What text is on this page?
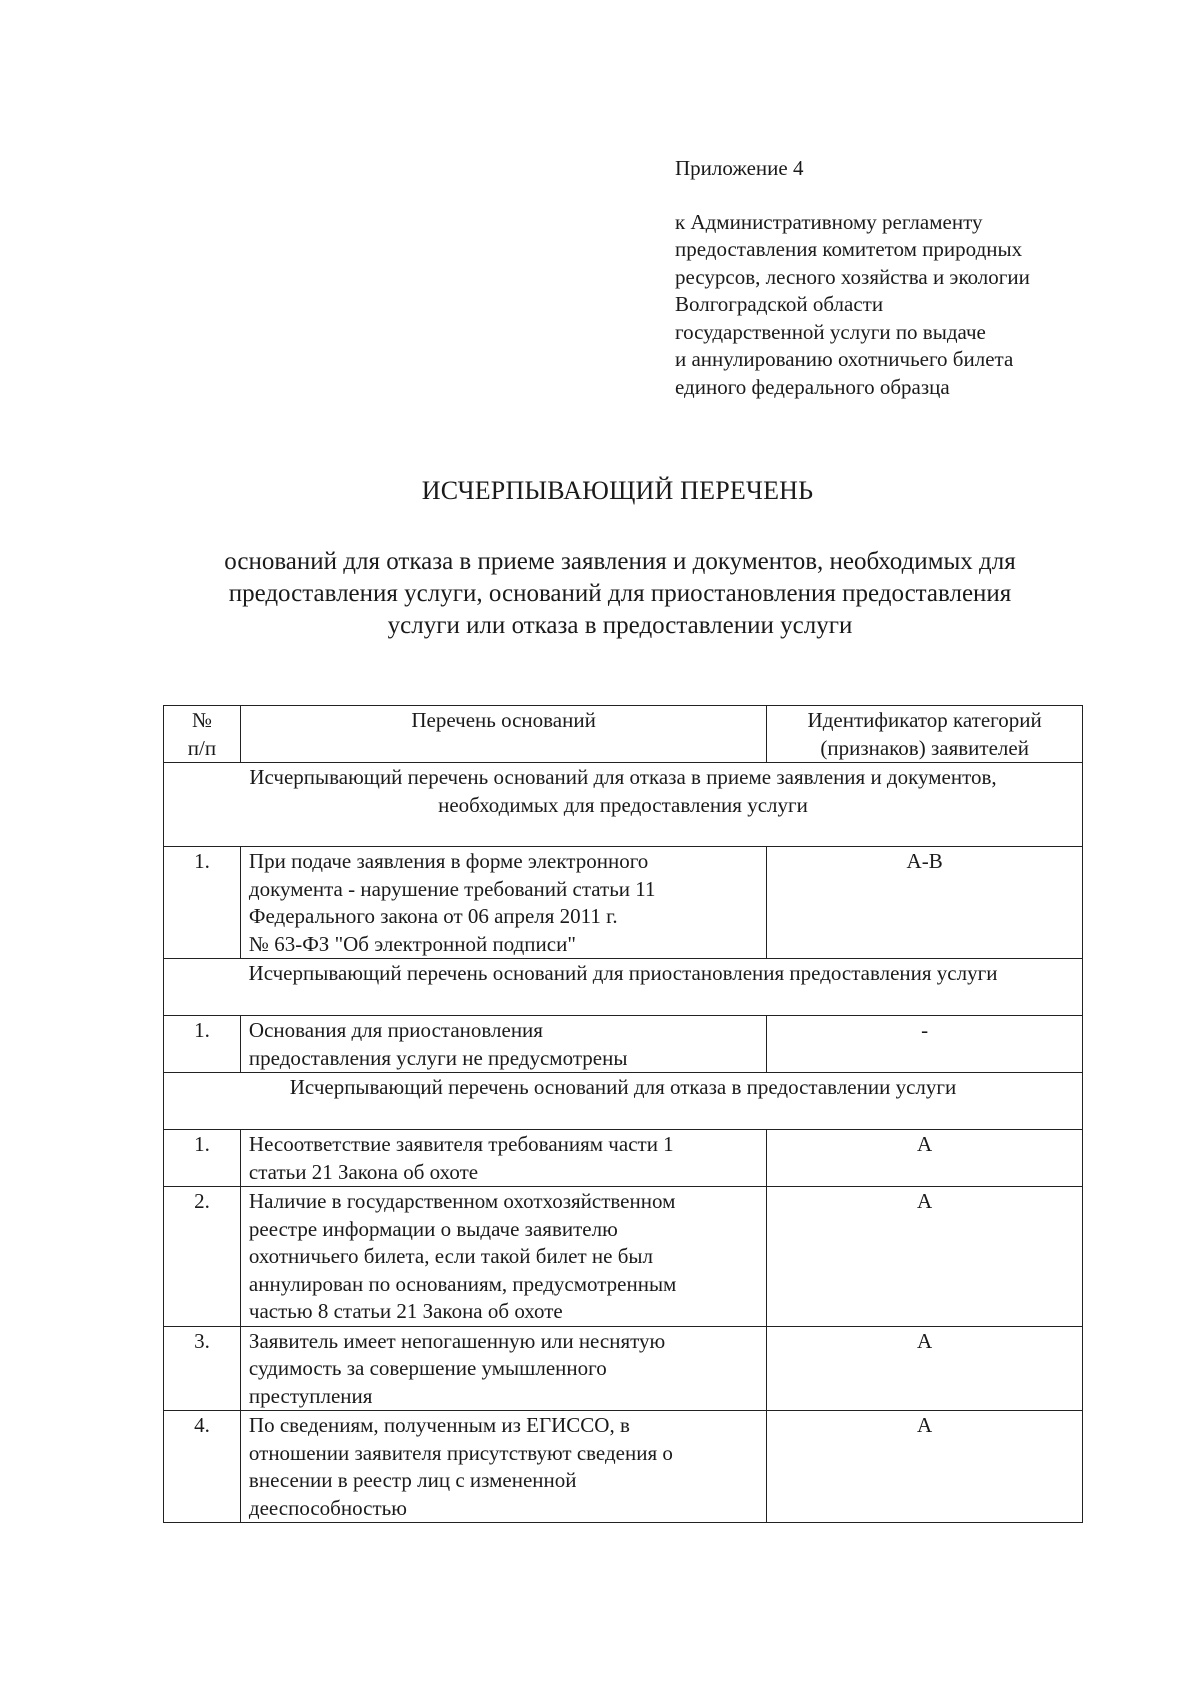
Приложение 4
к Административному регламенту
предоставления комитетом природных
ресурсов, лесного хозяйства и экологии
Волгоградской области
государственной услуги по выдаче
и аннулированию охотничьего билета
единого федерального образца
ИСЧЕРПЫВАЮЩИЙ ПЕРЕЧЕНЬ
оснований для отказа в приеме заявления и документов, необходимых для
предоставления услуги, оснований для приостановления предоставления
услуги или отказа в предоставлении услуги
№
п/п	Перечень оснований	Идентификатор категорий
(признаков) заявителей

Исчерпывающий перечень оснований для отказа в приеме заявления и документов,
необходимых для предоставления услуги		

1.	При подаче заявления в форме электронного
документа - нарушение требований статьи 11
Федерального закона от 06 апреля 2011 г.
№ 63-ФЗ "Об электронной подписи"	А-В

Исчерпывающий перечень оснований для приостановления предоставления услуги		

1.	Основания для приостановления
предоставления услуги не предусмотрены	-

Исчерпывающий перечень оснований для отказа в предоставлении услуги		

1.	Несоответствие заявителя требованиям части 1
статьи 21 Закона об охоте	А
2.	Наличие в государственном охотхозяйственном
реестре информации о выдаче заявителю
охотничьего билета, если такой билет не был
аннулирован по основаниям, предусмотренным
частью 8 статьи 21 Закона об охоте	А
3.	Заявитель имеет непогашенную или неснятую
судимость за совершение умышленного
преступления	А
4.	По сведениям, полученным из ЕГИССО, в
отношении заявителя присутствуют сведения о
внесении в реестр лиц с измененной
дееспособностью	А
